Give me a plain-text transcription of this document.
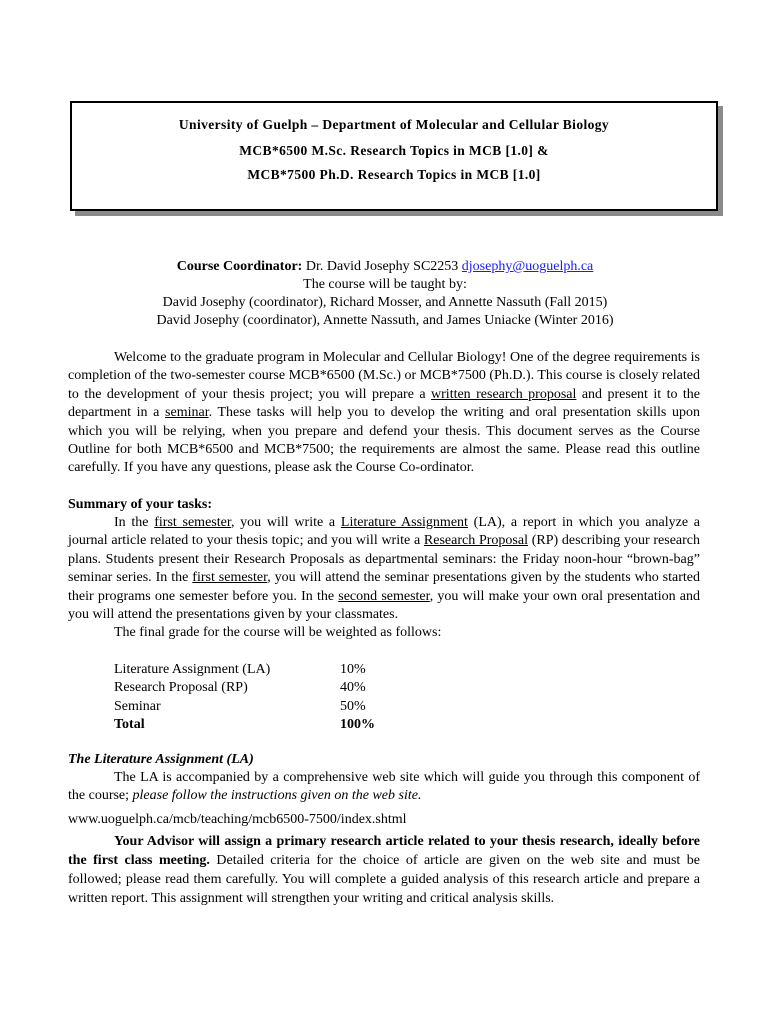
University of Guelph – Department of Molecular and Cellular Biology
MCB*6500 M.Sc. Research Topics in MCB [1.0] &
MCB*7500 Ph.D. Research Topics in MCB [1.0]
Course Coordinator: Dr. David Josephy SC2253 djosephy@uoguelph.ca
The course will be taught by:
David Josephy (coordinator), Richard Mosser, and Annette Nassuth (Fall 2015)
David Josephy (coordinator), Annette Nassuth, and James Uniacke (Winter 2016)
Welcome to the graduate program in Molecular and Cellular Biology! One of the degree requirements is completion of the two-semester course MCB*6500 (M.Sc.) or MCB*7500 (Ph.D.). This course is closely related to the development of your thesis project; you will prepare a written research proposal and present it to the department in a seminar. These tasks will help you to develop the writing and oral presentation skills upon which you will be relying, when you prepare and defend your thesis. This document serves as the Course Outline for both MCB*6500 and MCB*7500; the requirements are almost the same. Please read this outline carefully. If you have any questions, please ask the Course Co-ordinator.
Summary of your tasks:
In the first semester, you will write a Literature Assignment (LA), a report in which you analyze a journal article related to your thesis topic; and you will write a Research Proposal (RP) describing your research plans. Students present their Research Proposals as departmental seminars: the Friday noon-hour “brown-bag” seminar series. In the first semester, you will attend the seminar presentations given by the students who started their programs one semester before you. In the second semester, you will make your own oral presentation and you will attend the presentations given by your classmates.
The final grade for the course will be weighted as follows:
Literature Assignment (LA)	10%
Research Proposal (RP)	40%
Seminar	50%
Total	100%
The Literature Assignment (LA)
The LA is accompanied by a comprehensive web site which will guide you through this component of the course; please follow the instructions given on the web site.
www.uoguelph.ca/mcb/teaching/mcb6500-7500/index.shtml
Your Advisor will assign a primary research article related to your thesis research, ideally before the first class meeting. Detailed criteria for the choice of article are given on the web site and must be followed; please read them carefully. You will complete a guided analysis of this research article and prepare a written report. This assignment will strengthen your writing and critical analysis skills.
